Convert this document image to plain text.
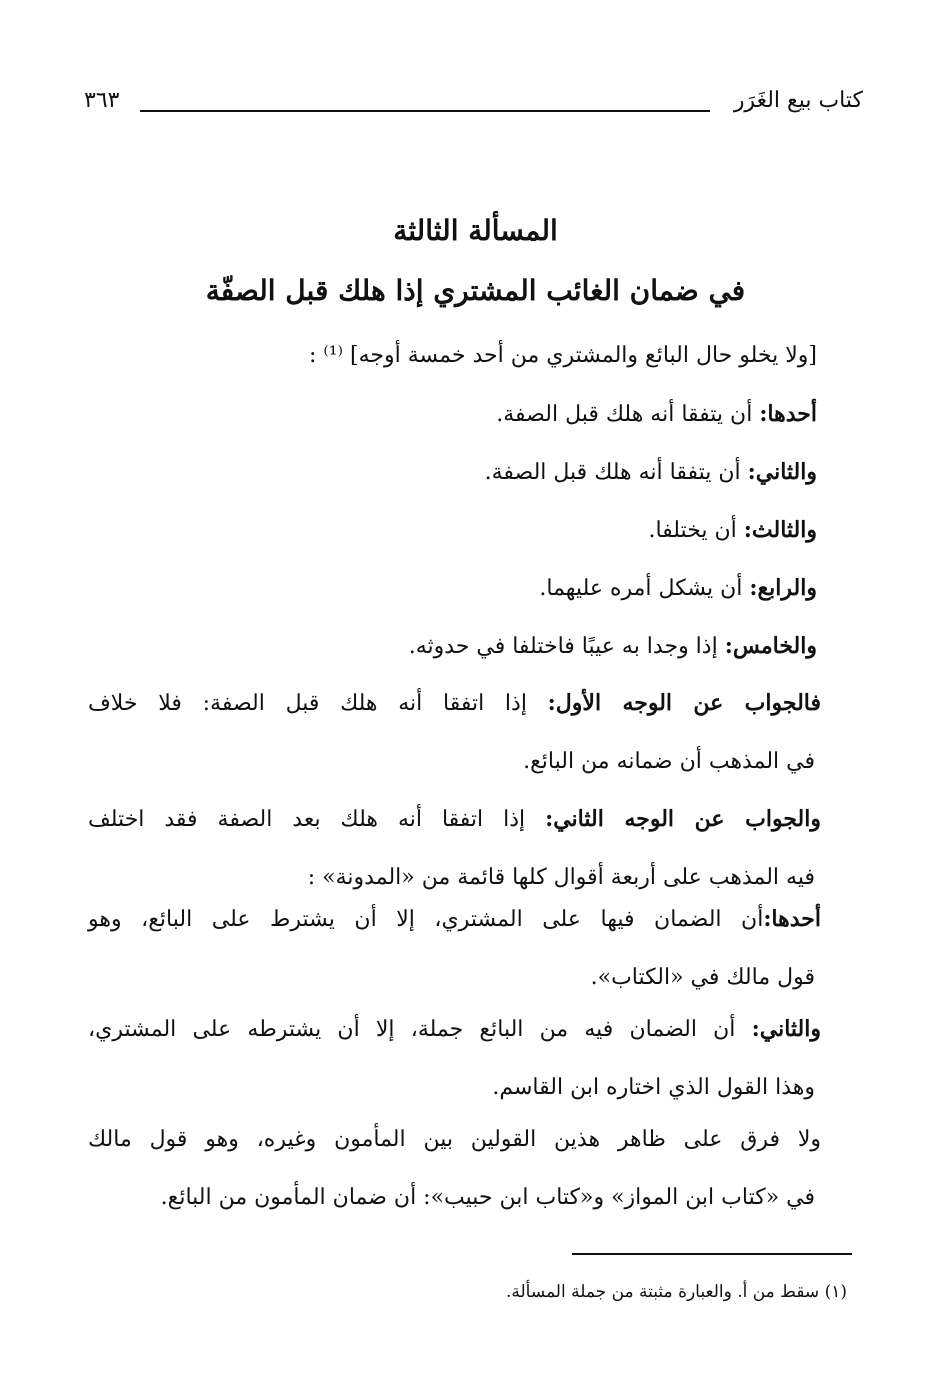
كتاب بيع الغَرَر
٣٦٣
المسألة الثالثة
في ضمان الغائب المشتري إذا هلك قبل الصفّة
[ولا يخلو حال البائع والمشتري من أحد خمسة أوجه] ⁽¹⁾ :
أحدها: أن يتفقا أنه هلك قبل الصفة.
والثاني: أن يتفقا أنه هلك قبل الصفة.
والثالث: أن يختلفا.
والرابع: أن يشكل أمره عليهما.
والخامس: إذا وجدا به عيبًا فاختلفا في حدوثه.
فالجواب عن الوجه الأول: إذا اتفقا أنه هلك قبل الصفة: فلا خلاف
في المذهب أن ضمانه من البائع.
والجواب عن الوجه الثاني: إذا اتفقا أنه هلك بعد الصفة فقد اختلف
فيه المذهب على أربعة أقوال كلها قائمة من «المدونة» :
أحدها:أن الضمان فيها على المشتري، إلا أن يشترط على البائع، وهو
قول مالك في «الكتاب».
والثاني: أن الضمان فيه من البائع جملة، إلا أن يشترطه على المشتري،
وهذا القول الذي اختاره ابن القاسم.
ولا فرق على ظاهر هذين القولين بين المأمون وغيره، وهو قول مالك
في «كتاب ابن المواز» و«كتاب ابن حبيب»: أن ضمان المأمون من البائع.
(١) سقط من أ. والعبارة مثبتة من جملة المسألة.
